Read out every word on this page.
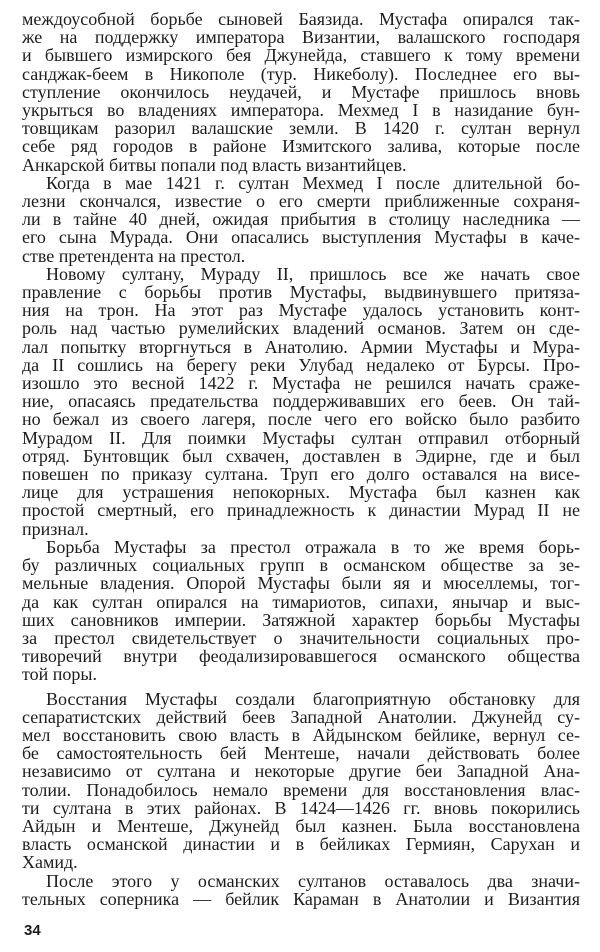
междоусобной борьбе сыновей Баязида. Мустафа опирался так-
же на поддержку императора Византии, валашского господаря
и бывшего измирского бея Джунейда, ставшего к тому времени
санджак-беем в Никополе (тур. Никеболу). Последнее его вы-
ступление окончилось неудачей, и Мустафе пришлось вновь
укрыться во владениях императора. Мехмед I в назидание бун-
товщикам разорил валашские земли. В 1420 г. султан вернул
себе ряд городов в районе Измитского залива, которые после
Анкарской битвы попали под власть византийцев.
Когда в мае 1421 г. султан Мехмед I после длительной бо-
лезни скончался, известие о его смерти приближенные сохраня-
ли в тайне 40 дней, ожидая прибытия в столицу наследника —
его сына Мурада. Они опасались выступления Мустафы в каче-
стве претендента на престол.
Новому султану, Мураду II, пришлось все же начать свое
правление с борьбы против Мустафы, выдвинувшего притяза-
ния на трон. На этот раз Мустафе удалось установить конт-
роль над частью румелийских владений османов. Затем он сде-
лал попытку вторгнуться в Анатолию. Армии Мустафы и Мура-
да II сошлись на берегу реки Улубад недалеко от Бурсы. Про-
изошло это весной 1422 г. Мустафа не решился начать сраже-
ние, опасаясь предательства поддерживавших его беев. Он тай-
но бежал из своего лагеря, после чего его войско было разбито
Мурадом II. Для поимки Мустафы султан отправил отборный
отряд. Бунтовщик был схвачен, доставлен в Эдирне, где и был
повешен по приказу султана. Труп его долго оставался на висе-
лице для устрашения непокорных. Мустафа был казнен как
простой смертный, его принадлежность к династии Мурад II не
признал.
Борьба Мустафы за престол отражала в то же время борь-
бу различных социальных групп в османском обществе за зе-
мельные владения. Опорой Мустафы были яя и мюселлемы, тог-
да как султан опирался на тимариотов, сипахи, янычар и выс-
ших сановников империи. Затяжной характер борьбы Мустафы
за престол свидетельствует о значительности социальных про-
тиворечий внутри феодализировавшегося османского общества
той поры.
Восстания Мустафы создали благоприятную обстановку для
сепаратистских действий беев Западной Анатолии. Джунейд су-
мел восстановить свою власть в Айдынском бейлике, вернул се-
бе самостоятельность бей Ментеше, начали действовать более
независимо от султана и некоторые другие беи Западной Ана-
толии. Понадобилось немало времени для восстановления влас-
ти султана в этих районах. В 1424—1426 гг. вновь покорились
Айдын и Ментеше, Джунейд был казнен. Была восстановлена
власть османской династии и в бейликах Гермиян, Сарухан и
Хамид.
После этого у османских султанов оставалось два значи-
тельных соперника — бейлик Караман в Анатолии и Византия
34
